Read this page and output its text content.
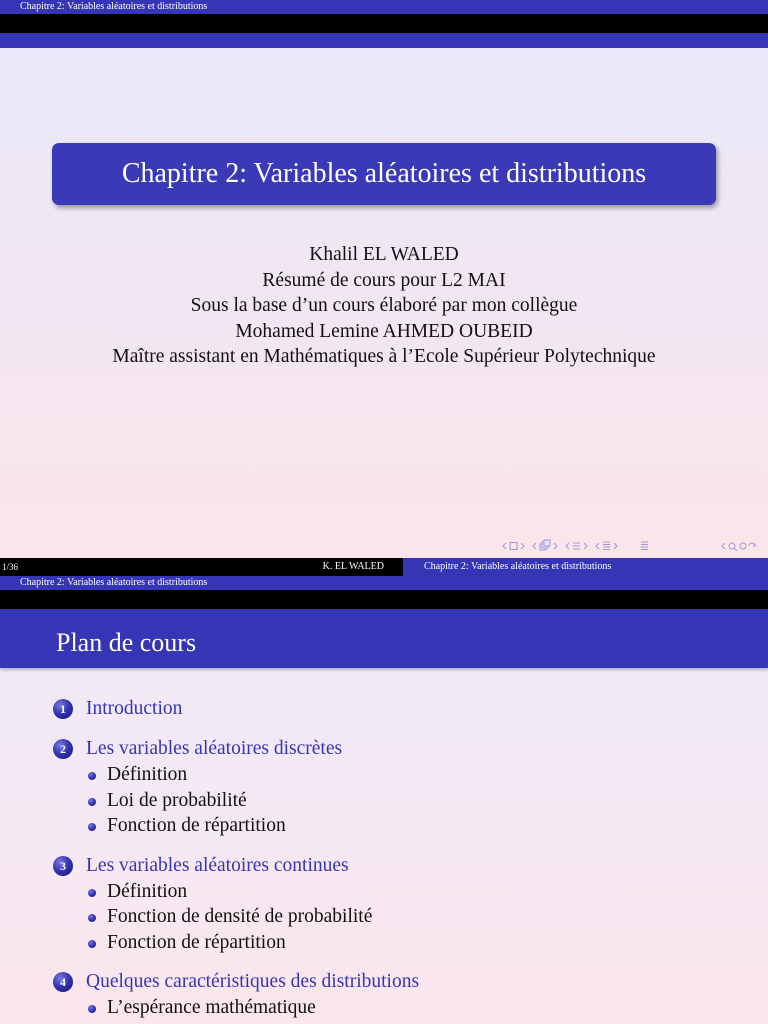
Chapitre 2: Variables aléatoires et distributions
Chapitre 2: Variables aléatoires et distributions
Khalil EL WALED
Résumé de cours pour L2 MAI
Sous la base d’un cours élaboré par mon collègue
Mohamed Lemine AHMED OUBEID
Maître assistant en Mathématiques à l’Ecole Supérieur Polytechnique
1/36	K. EL WALED	Chapitre 2: Variables aléatoires et distributions
Chapitre 2: Variables aléatoires et distributions
Plan de cours
1	Introduction
2	Les variables aléatoires discrètes
Définition
Loi de probabilité
Fonction de répartition
3	Les variables aléatoires continues
Définition
Fonction de densité de probabilité
Fonction de répartition
4	Quelques caractéristiques des distributions
L’espérance mathématique
